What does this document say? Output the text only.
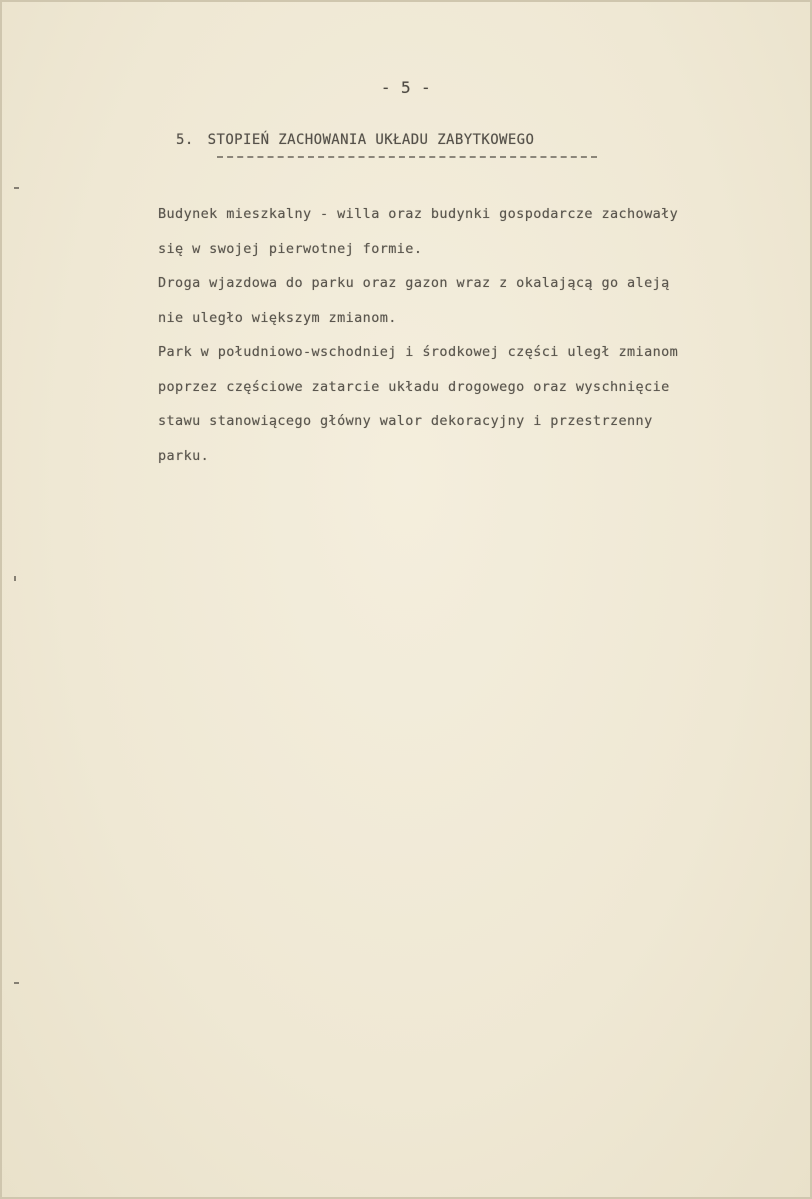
- 5 -
5. STOPIEŃ ZACHOWANIA UKŁADU ZABYTKOWEGO
Budynek mieszkalny - willa oraz budynki gospodarcze zachowały
się w swojej pierwotnej formie.
Droga wjazdowa do parku oraz gazon wraz z okalającą go aleją
nie uległo większym zmianom.
Park w południowo-wschodniej i środkowej części uległ zmianom
poprzez częściowe zatarcie układu drogowego oraz wyschnięcie
stawu stanowiącego główny walor dekoracyjny i przestrzenny
parku.
